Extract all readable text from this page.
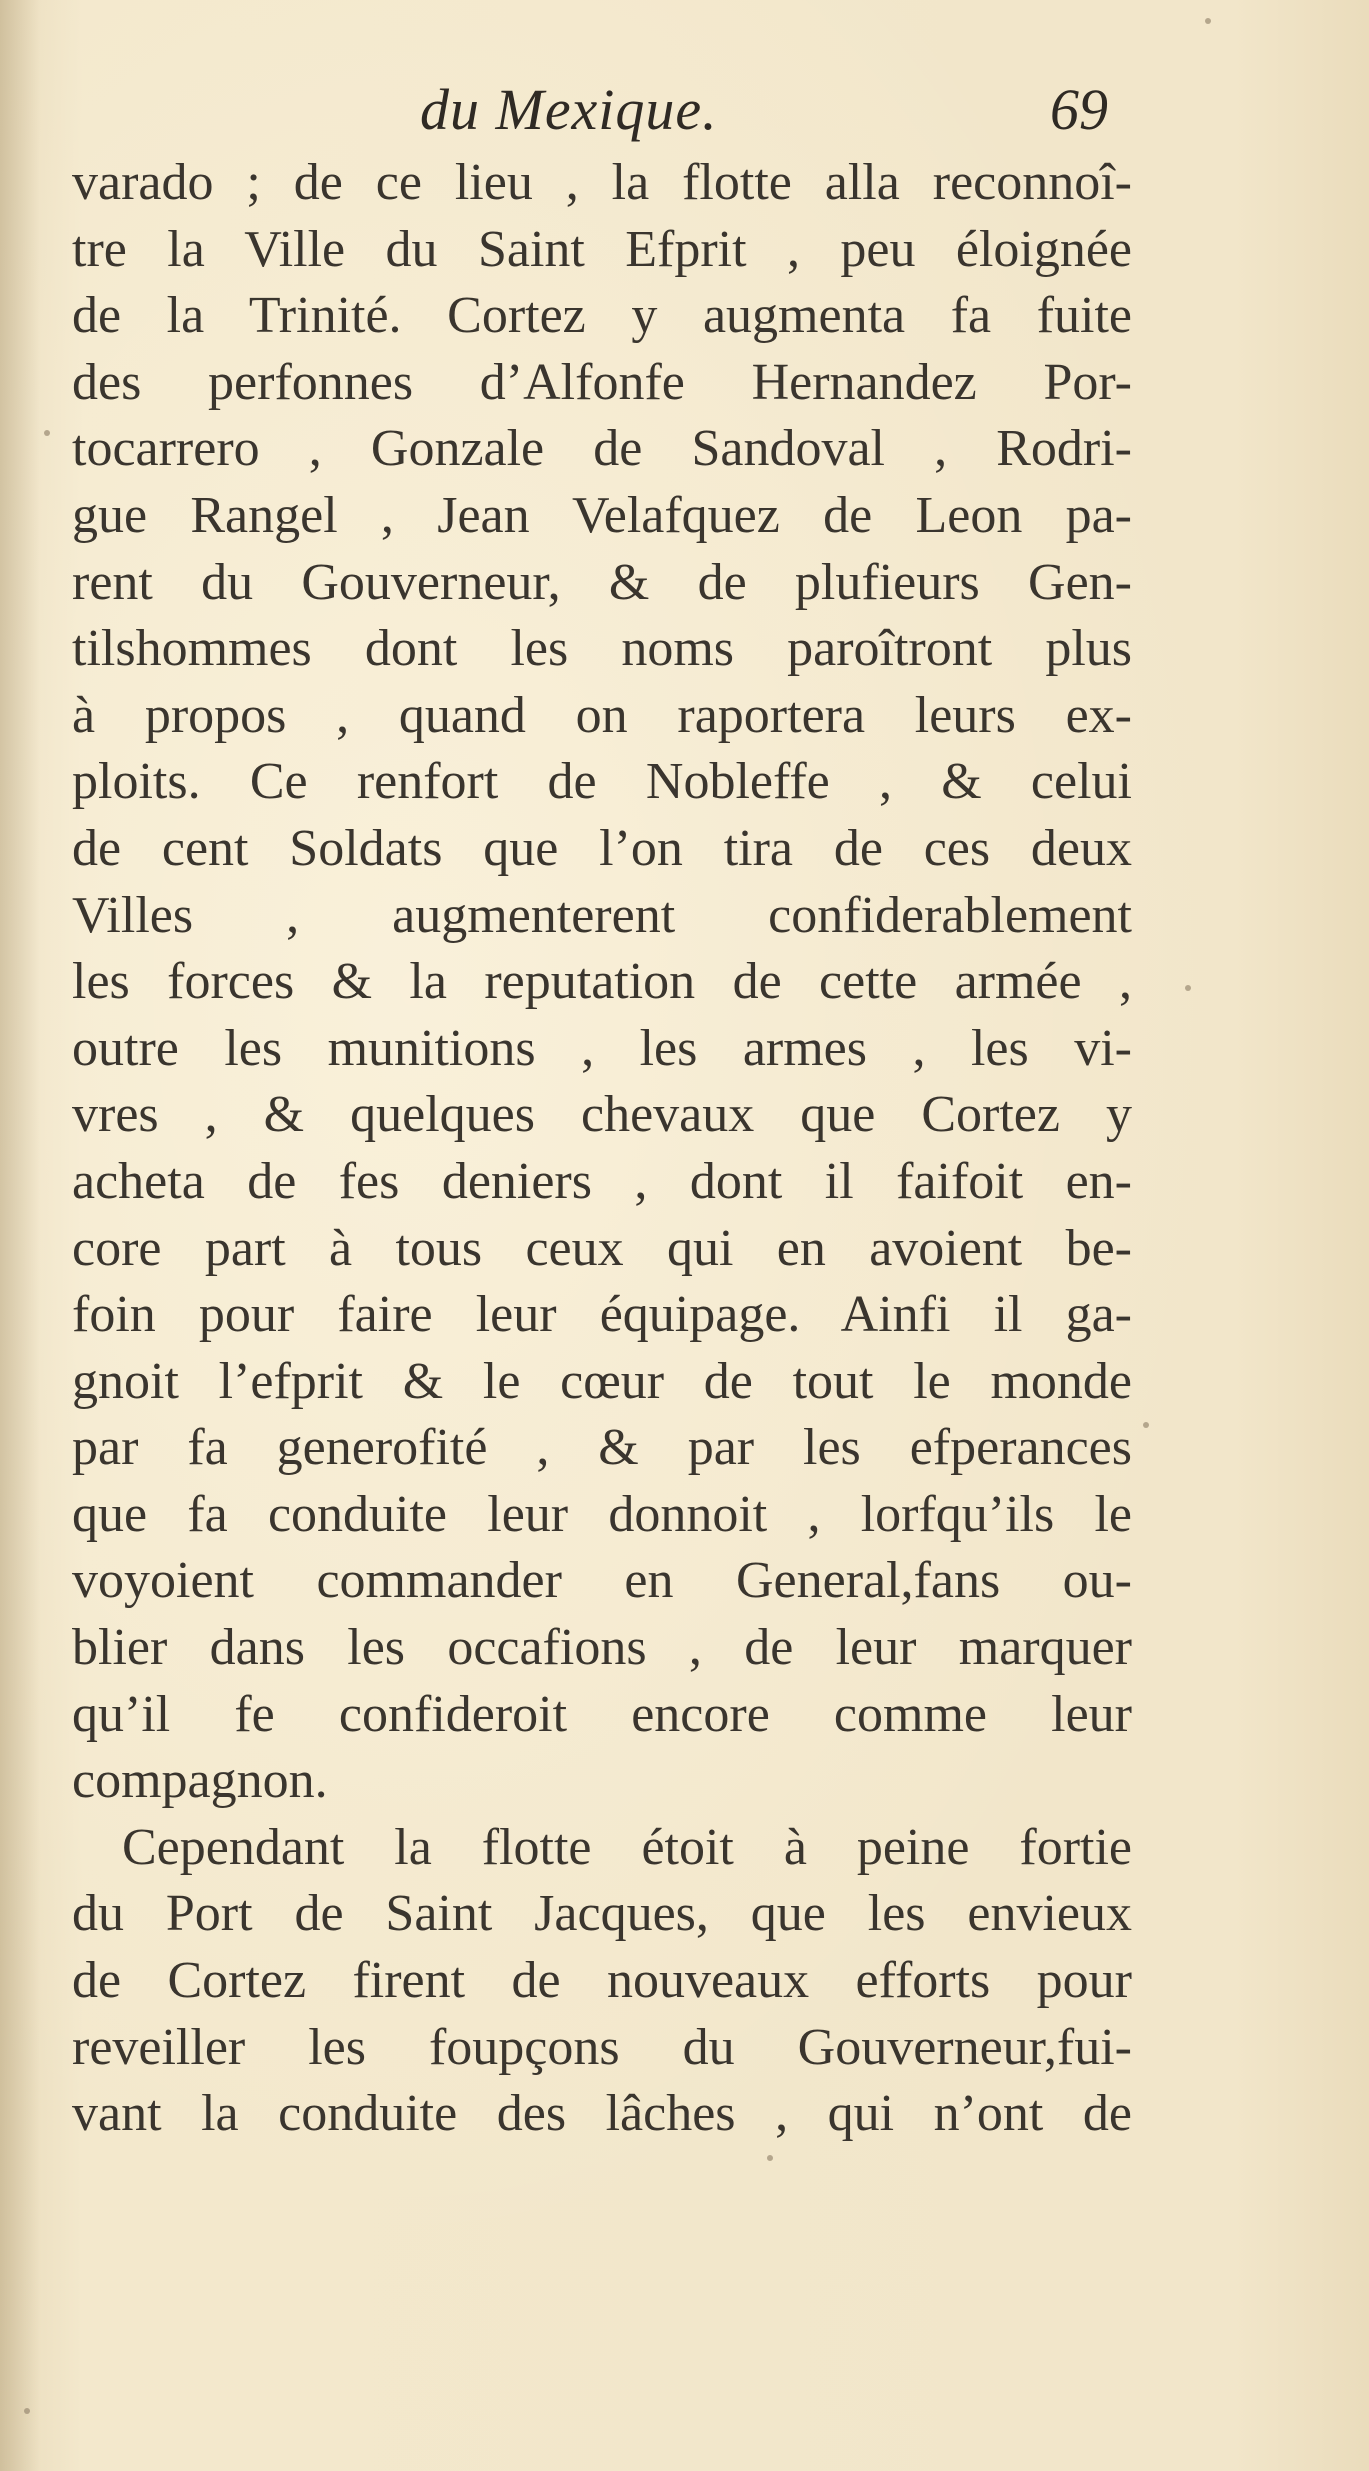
du Mexique.	69
varado ; de ce lieu , la flotte alla reconnoî-
tre la Ville du Saint Efprit , peu éloignée
de la Trinité. Cortez y augmenta fa fuite
des perfonnes d’Alfonfe Hernandez Por-
tocarrero , Gonzale de Sandoval , Rodri-
gue Rangel , Jean Velafquez de Leon pa-
rent du Gouverneur, & de plufieurs Gen-
tilshommes dont les noms paroîtront plus
à propos , quand on raportera leurs ex-
ploits. Ce renfort de Nobleffe , & celui
de cent Soldats que l’on tira de ces deux
Villes , augmenterent confiderablement
les forces & la reputation de cette armée ,
outre les munitions , les armes , les vi-
vres , & quelques chevaux que Cortez y
acheta de fes deniers , dont il faifoit en-
core part à tous ceux qui en avoient be-
foin pour faire leur équipage. Ainfi il ga-
gnoit l’efprit & le cœur de tout le monde
par fa generofité , & par les efperances
que fa conduite leur donnoit , lorfqu’ils le
voyoient commander en General,fans ou-
blier dans les occafions , de leur marquer
qu’il fe confideroit encore comme leur
compagnon.
Cependant la flotte étoit à peine fortie
du Port de Saint Jacques, que les envieux
de Cortez firent de nouveaux efforts pour
reveiller les foupçons du Gouverneur,fui-
vant la conduite des lâches , qui n’ont de
